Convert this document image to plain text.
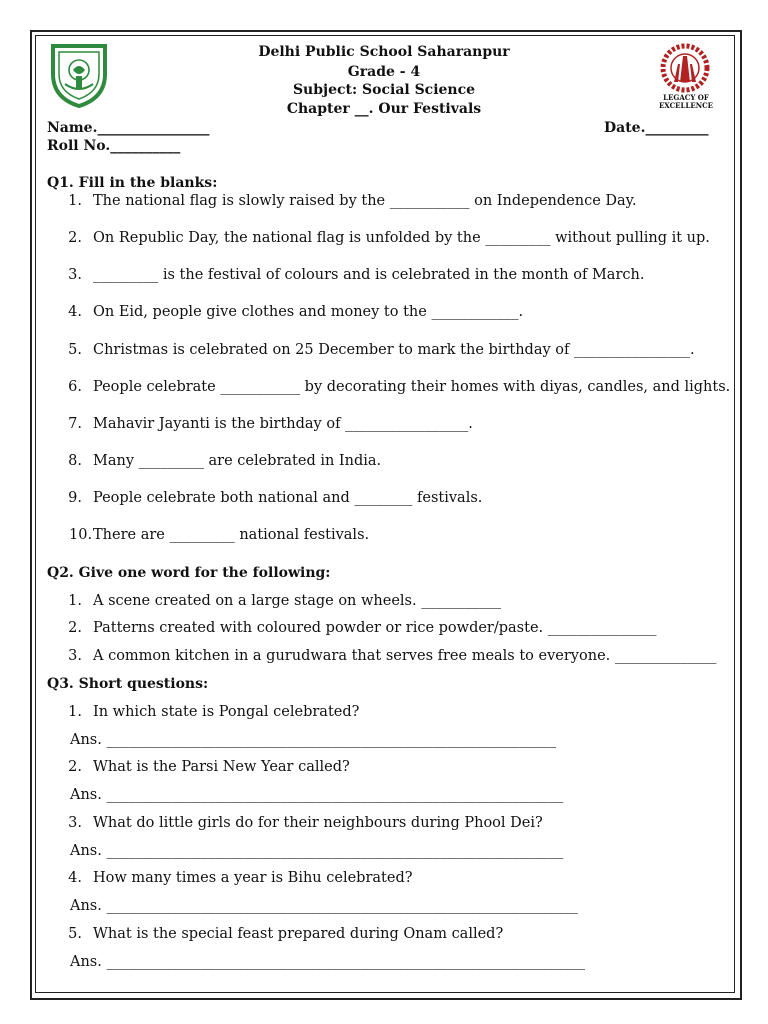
LEGACY OF EXCELLENCE
Delhi Public School Saharanpur
Grade - 4
Subject: Social Science
Chapter __. Our Festivals
Name.________________	Date._________
Roll No.__________
Q1. Fill in the blanks:
1. The national flag is slowly raised by the ___________ on Independence Day.
2. On Republic Day, the national flag is unfolded by the _________ without pulling it up.
3. _________ is the festival of colours and is celebrated in the month of March.
4. On Eid, people give clothes and money to the ____________.
5. Christmas is celebrated on 25 December to mark the birthday of ________________.
6. People celebrate ___________ by decorating their homes with diyas, candles, and lights.
7. Mahavir Jayanti is the birthday of _________________.
8. Many _________ are celebrated in India.
9. People celebrate both national and ________ festivals.
10. There are _________ national festivals.
Q2. Give one word for the following:
1. A scene created on a large stage on wheels. ___________
2. Patterns created with coloured powder or rice powder/paste. _______________
3. A common kitchen in a gurudwara that serves free meals to everyone. ______________
Q3. Short questions:
1. In which state is Pongal celebrated?
Ans. ______________________________________________________________
2. What is the Parsi New Year called?
Ans. _______________________________________________________________
3. What do little girls do for their neighbours during Phool Dei?
Ans. _______________________________________________________________
4. How many times a year is Bihu celebrated?
Ans. _________________________________________________________________
5. What is the special feast prepared during Onam called?
Ans. __________________________________________________________________
